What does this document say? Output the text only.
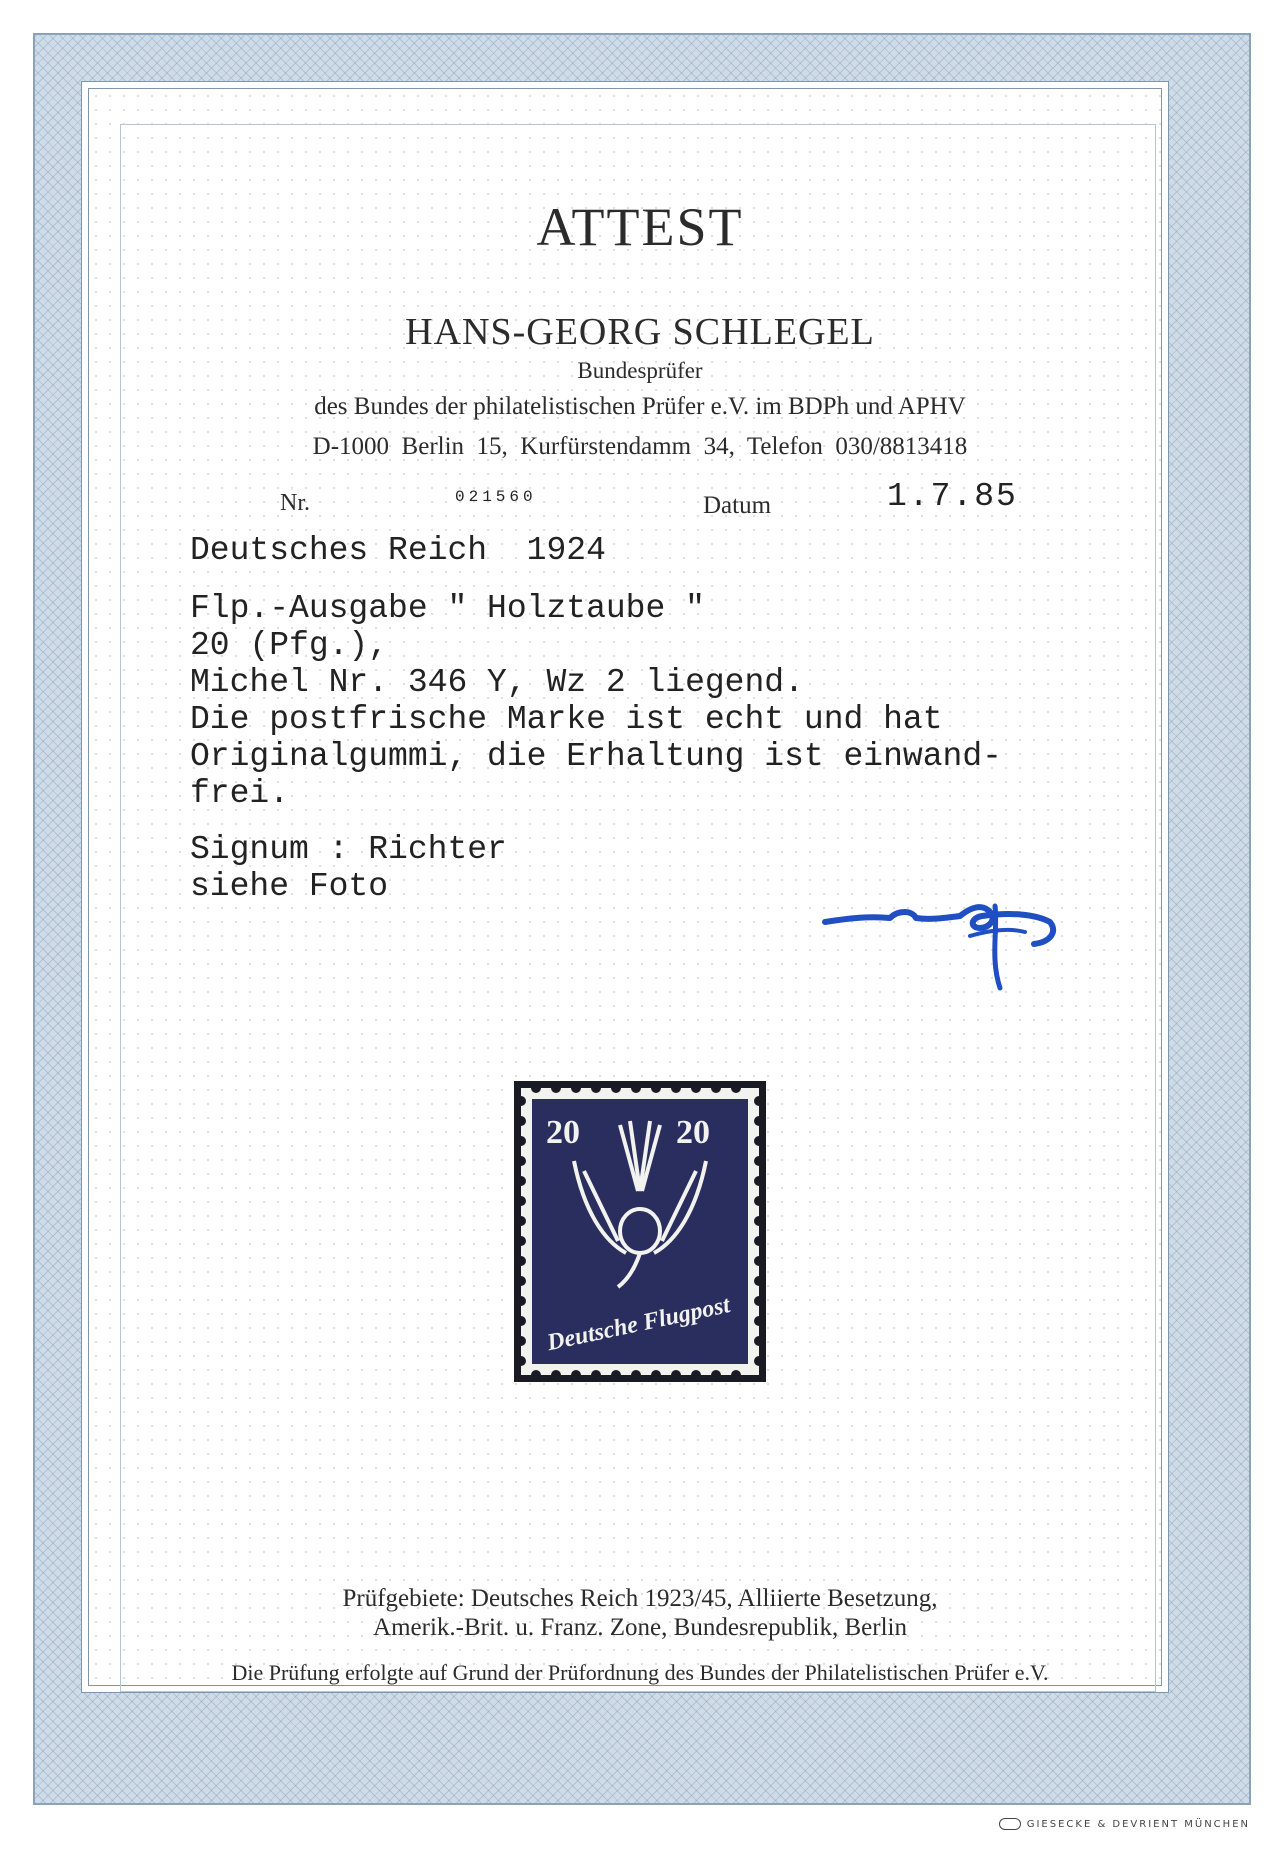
ATTEST
HANS-GEORG SCHLEGEL
Bundesprüfer
des Bundes der philatelistischen Prüfer e.V. im BDPh und APHV
D-1000  Berlin  15,  Kurfürstendamm  34,  Telefon  030/8813418
Nr.	021560	Datum	1.7.85
Deutsches Reich  1924
Flp.-Ausgabe " Holztaube "
20 (Pfg.),
Michel Nr. 346 Y, Wz 2 liegend.
Die postfrische Marke ist echt und hat
Originalgummi, die Erhaltung ist einwand-
frei.
Signum : Richter
siehe Foto
20	20
Deutsche Flugpost
Prüfgebiete: Deutsches Reich 1923/45, Alliierte Besetzung,
Amerik.-Brit. u. Franz. Zone, Bundesrepublik, Berlin
Die Prüfung erfolgte auf Grund der Prüfordnung des Bundes der Philatelistischen Prüfer e.V.
GIESECKE & DEVRIENT MÜNCHEN
